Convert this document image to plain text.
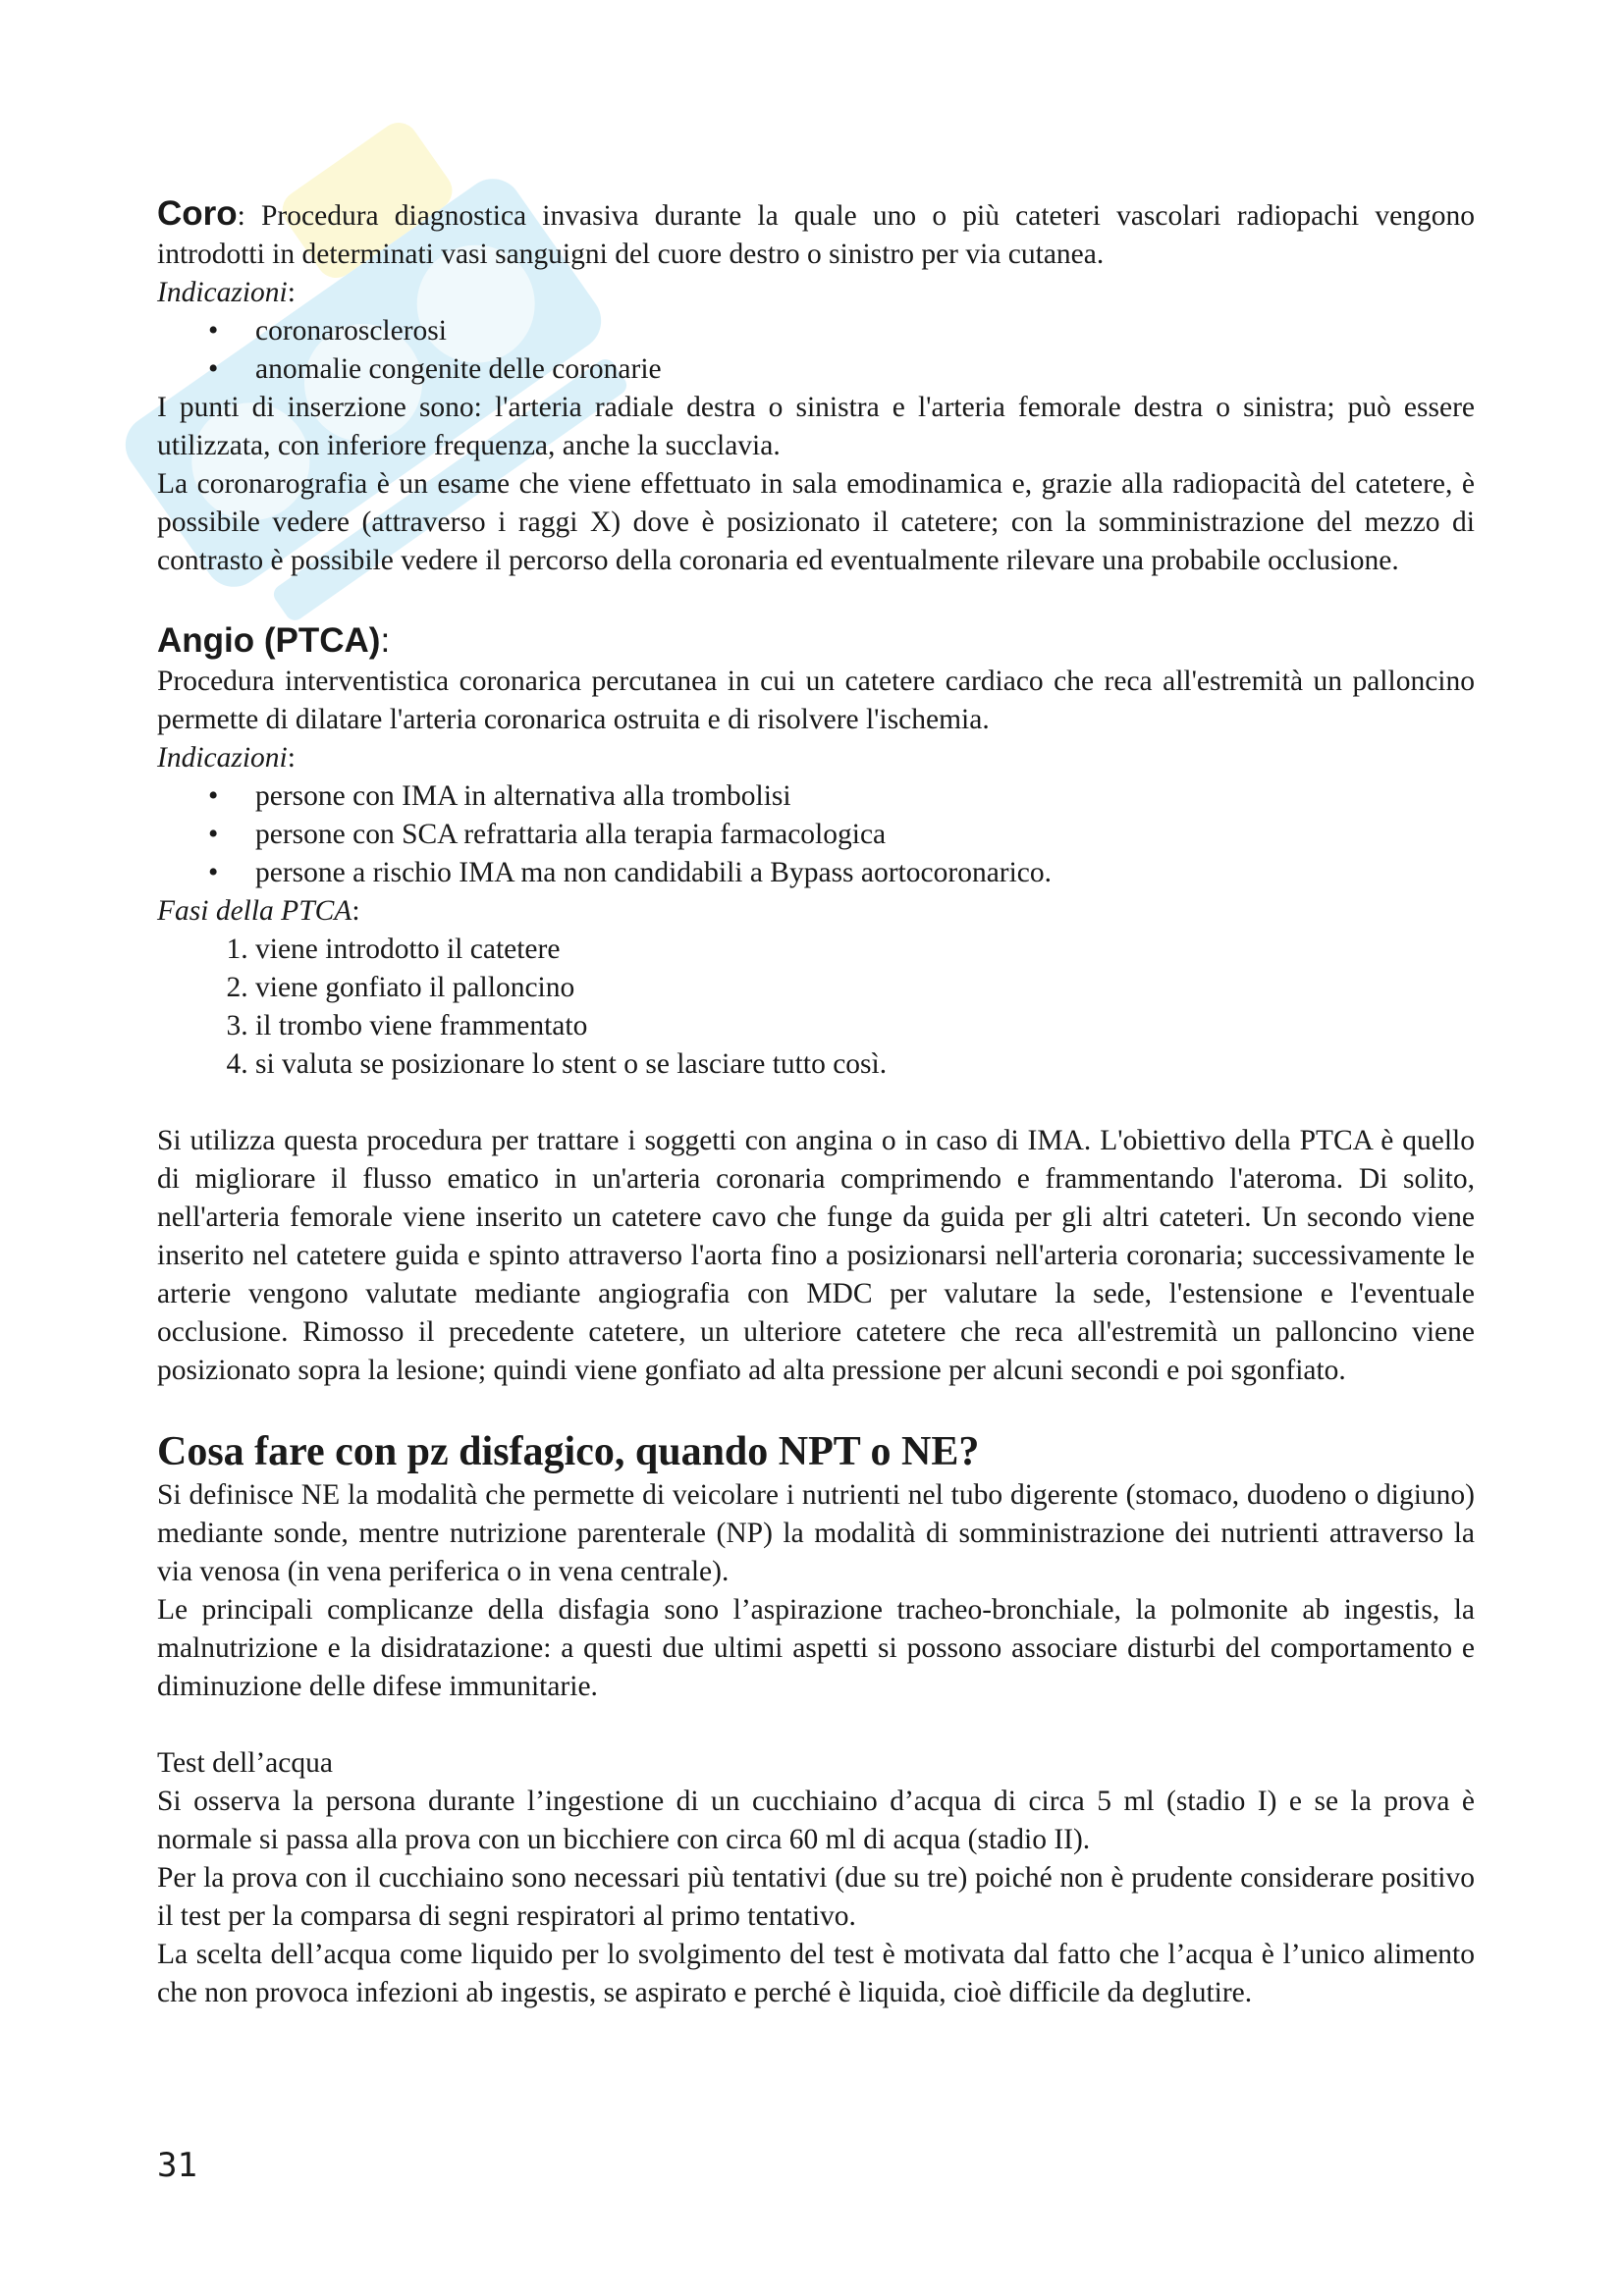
Coro: Procedura diagnostica invasiva durante la quale uno o più cateteri vascolari radiopachi vengono introdotti in determinati vasi sanguigni del cuore destro o sinistro per via cutanea.

Indicazioni:

• coronarosclerosi
• anomalie congenite delle coronarie

I punti di inserzione sono: l'arteria radiale destra o sinistra e l'arteria femorale destra o sinistra; può essere utilizzata, con inferiore frequenza, anche la succlavia.

La coronarografia è un esame che viene effettuato in sala emodinamica e, grazie alla radiopacità del catetere, è possibile vedere (attraverso i raggi X) dove è posizionato il catetere; con la somministrazione del mezzo di contrasto è possibile vedere il percorso della coronaria ed eventualmente rilevare una probabile occlusione.

Angio (PTCA):

Procedura interventistica coronarica percutanea in cui un catetere cardiaco che reca all'estremità un palloncino permette di dilatare l'arteria coronarica ostruita e di risolvere l'ischemia.

Indicazioni:

• persone con IMA in alternativa alla trombolisi
• persone con SCA refrattaria alla terapia farmacologica
• persone a rischio IMA ma non candidabili a Bypass aortocoronarico.

Fasi della PTCA:

1. viene introdotto il catetere
2. viene gonfiato il palloncino
3. il trombo viene frammentato
4. si valuta se posizionare lo stent o se lasciare tutto così.

Si utilizza questa procedura per trattare i soggetti con angina o in caso di IMA. L'obiettivo della PTCA è quello di migliorare il flusso ematico in un'arteria coronaria comprimendo e frammentando l'ateroma. Di solito, nell'arteria femorale viene inserito un catetere cavo che funge da guida per gli altri cateteri. Un secondo viene inserito nel catetere guida e spinto attraverso l'aorta fino a posizionarsi nell'arteria coronaria; successivamente le arterie vengono valutate mediante angiografia con MDC per valutare la sede, l'estensione e l'eventuale occlusione. Rimosso il precedente catetere, un ulteriore catetere che reca all'estremità un palloncino viene posizionato sopra la lesione; quindi viene gonfiato ad alta pressione per alcuni secondi e poi sgonfiato.

Cosa fare con pz disfagico, quando NPT o NE?

Si definisce NE la modalità che permette di veicolare i nutrienti nel tubo digerente (stomaco, duodeno o digiuno) mediante sonde, mentre nutrizione parenterale (NP) la modalità di somministrazione dei nutrienti attraverso la via venosa (in vena periferica o in vena centrale).

Le principali complicanze della disfagia sono l’aspirazione tracheo-bronchiale, la polmonite ab ingestis, la malnutrizione e la disidratazione: a questi due ultimi aspetti si possono associare disturbi del comportamento e diminuzione delle difese immunitarie.

Test dell’acqua

Si osserva la persona durante l’ingestione di un cucchiaino d’acqua di circa 5 ml (stadio I) e se la prova è normale si passa alla prova con un bicchiere con circa 60 ml di acqua (stadio II).

Per la prova con il cucchiaino sono necessari più tentativi (due su tre) poiché non è prudente considerare positivo il test per la comparsa di segni respiratori al primo tentativo.

La scelta dell’acqua come liquido per lo svolgimento del test è motivata dal fatto che l’acqua è l’unico alimento che non provoca infezioni ab ingestis, se aspirato e perché è liquida, cioè difficile da deglutire.

31
